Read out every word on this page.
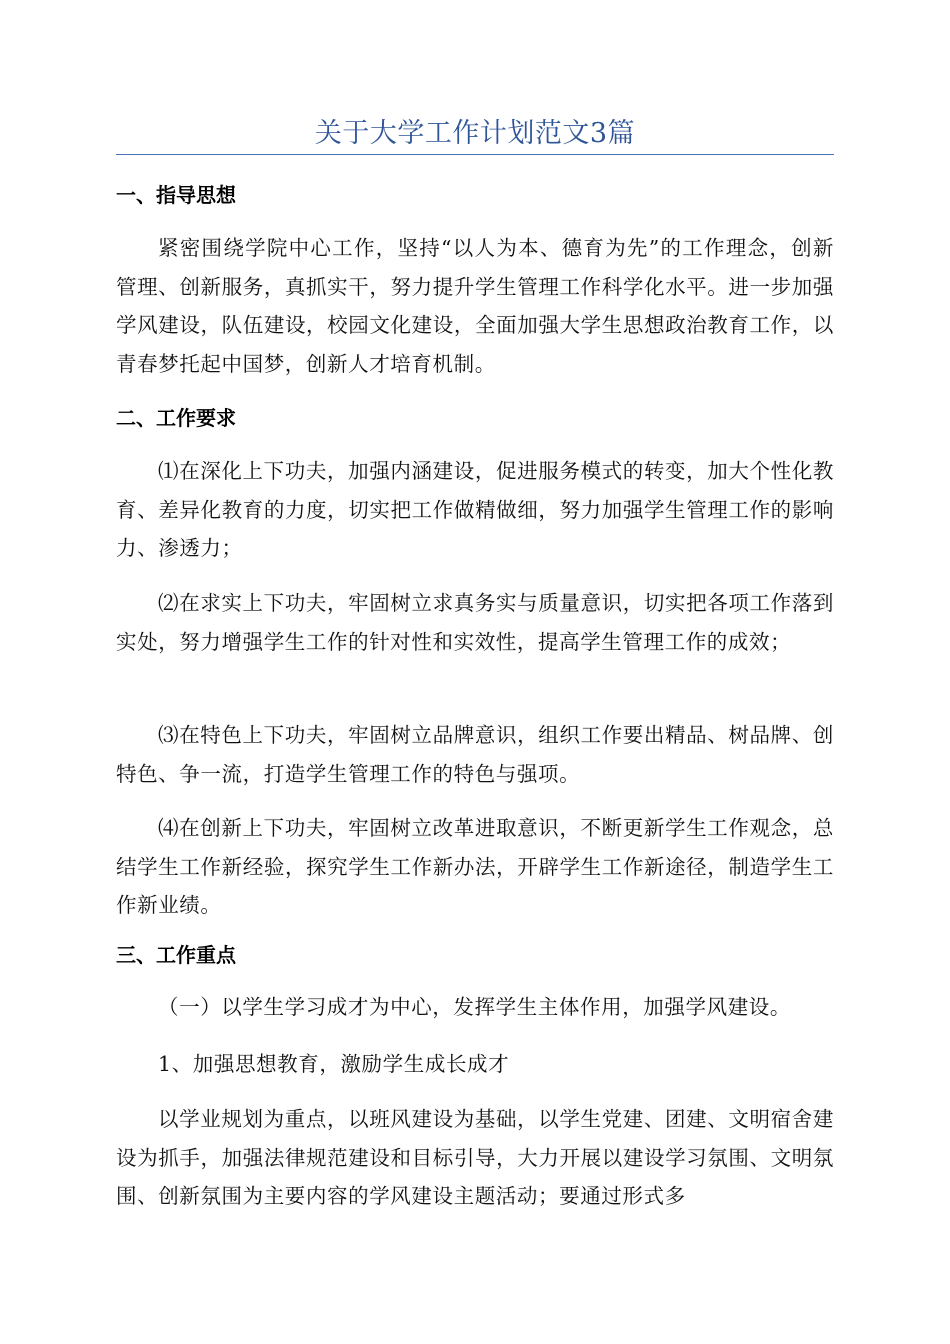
关于大学工作计划范文3篇
一、指导思想

紧密围绕学院中心工作，坚持“以人为本、德育为先”的工作理念，创新管理、创新服务，真抓实干，努力提升学生管理工作科学化水平。进一步加强学风建设，队伍建设，校园文化建设，全面加强大学生思想政治教育工作，以青春梦托起中国梦，创新人才培育机制。

二、工作要求

⑴在深化上下功夫，加强内涵建设，促进服务模式的转变，加大个性化教育、差异化教育的力度，切实把工作做精做细，努力加强学生管理工作的影响力、渗透力；

⑵在求实上下功夫，牢固树立求真务实与质量意识，切实把各项工作落到实处，努力增强学生工作的针对性和实效性，提高学生管理工作的成效；

⑶在特色上下功夫，牢固树立品牌意识，组织工作要出精品、树品牌、创特色、争一流，打造学生管理工作的特色与强项。

⑷在创新上下功夫，牢固树立改革进取意识，不断更新学生工作观念，总结学生工作新经验，探究学生工作新办法，开辟学生工作新途径，制造学生工作新业绩。

三、工作重点

（一）以学生学习成才为中心，发挥学生主体作用，加强学风建设。

1、加强思想教育，激励学生成长成才

以学业规划为重点，以班风建设为基础，以学生党建、团建、文明宿舍建设为抓手，加强法律规范建设和目标引导，大力开展以建设学习氛围、文明氛围、创新氛围为主要内容的学风建设主题活动；要通过形式多
